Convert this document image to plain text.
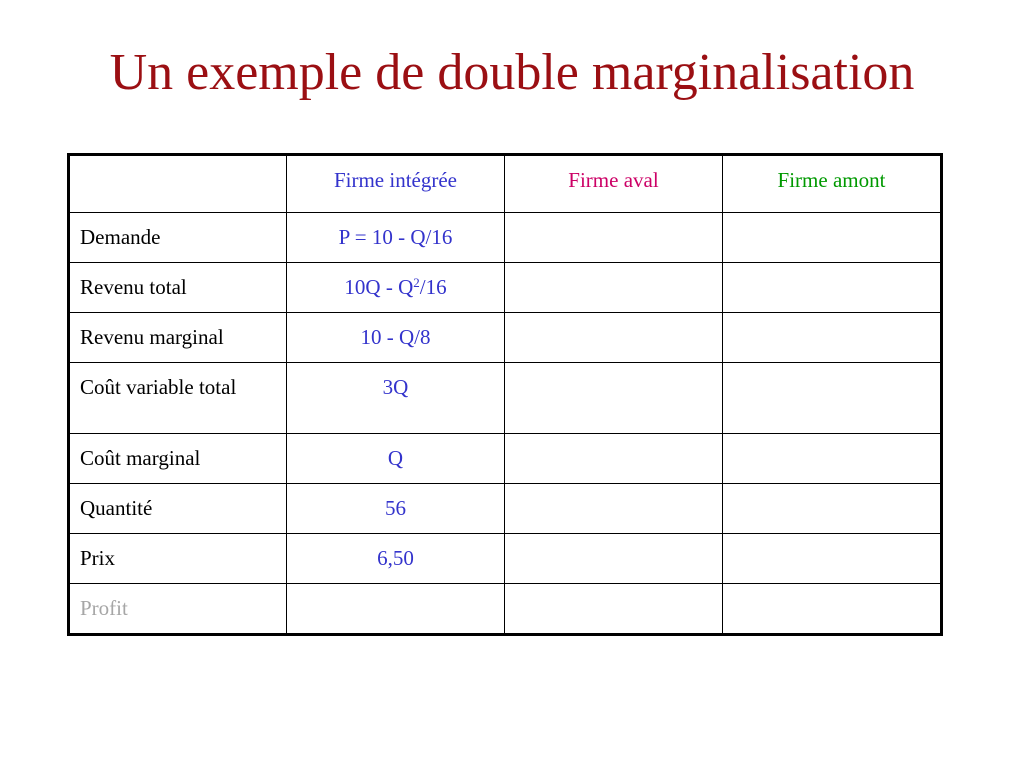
Un exemple de double marginalisation
	Firme intégrée	Firme aval	Firme amont
Demande	P = 10 - Q/16		
Revenu total	$10Q - Q^2/16$		
Revenu marginal	10 - Q/8		
Coût variable total	3Q		
Coût marginal	Q		
Quantité	56		
Prix	6,50		
Profit			
